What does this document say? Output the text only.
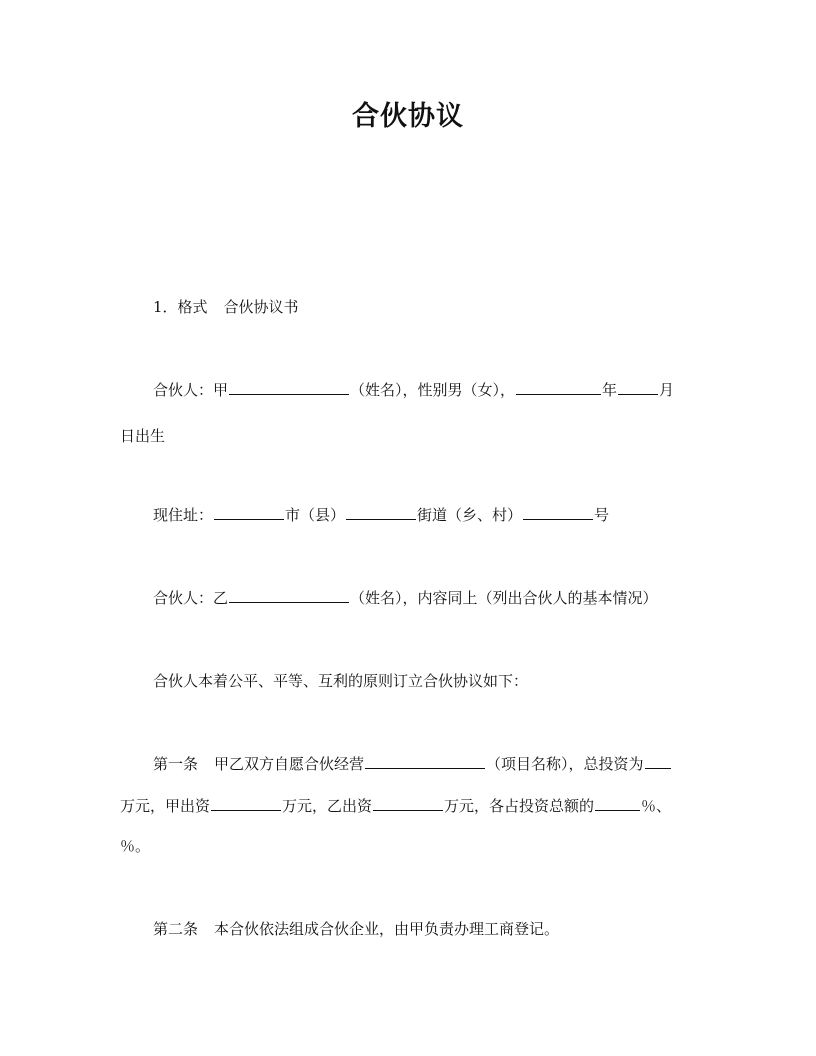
合伙协议
1．格式 合伙协议书
合伙人：甲	（姓名），性别男（女），	年	月
日出生
现住址：	市（县）	街道（乡、村）	号
合伙人：乙	（姓名），内容同上（列出合伙人的基本情况）
合伙人本着公平、平等、互利的原则订立合伙协议如下：
第一条 甲乙双方自愿合伙经营	（项目名称），总投资为
万元，甲出资	万元，乙出资	万元，各占投资总额的	％、
％。
第二条 本合伙依法组成合伙企业，由甲负责办理工商登记。
